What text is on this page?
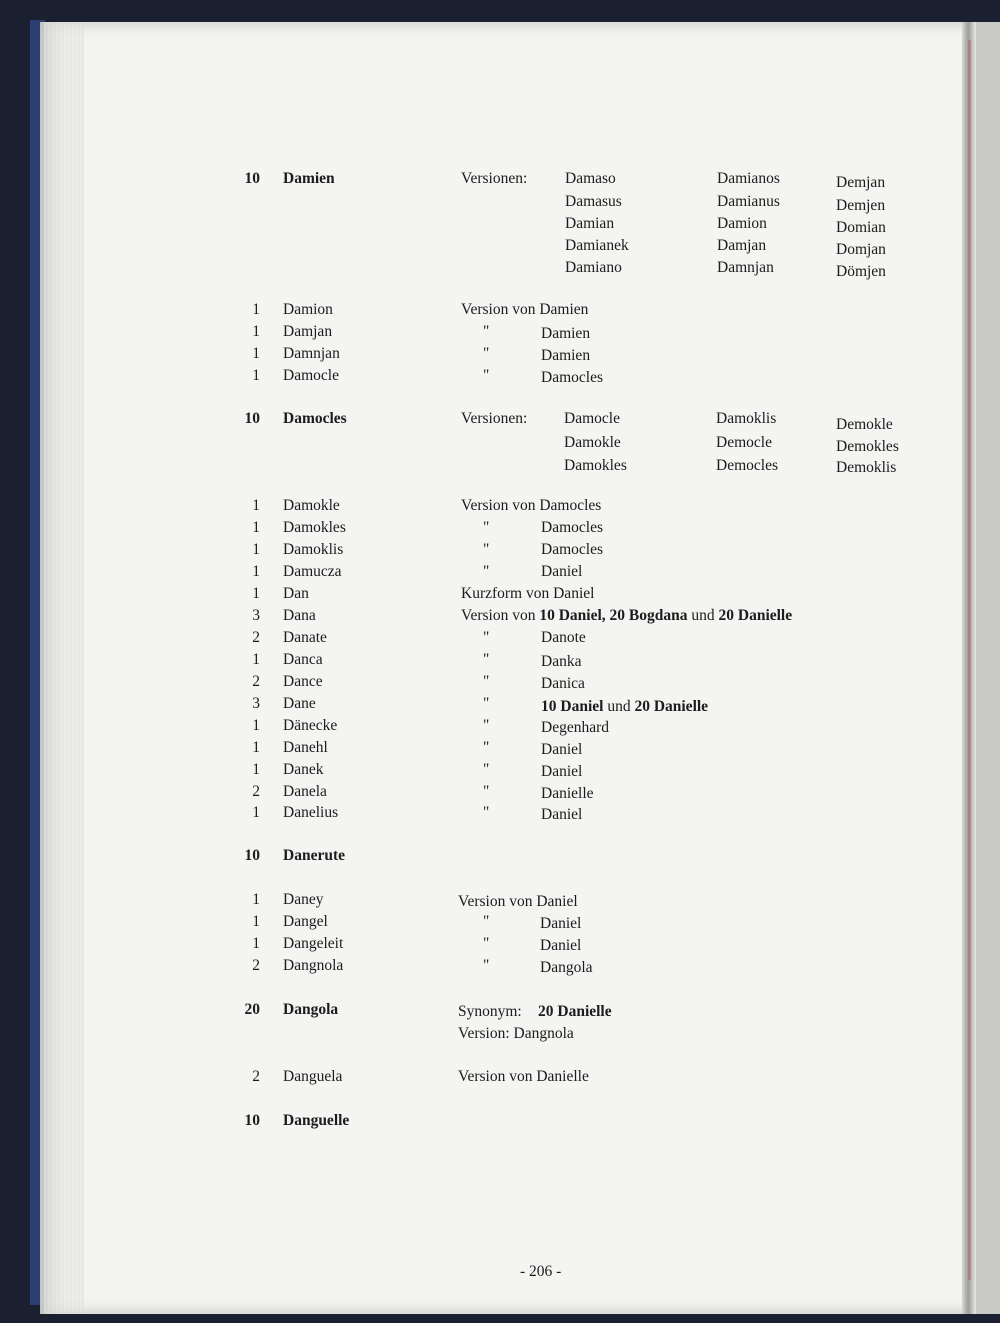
10 Damien	Versionen: Damaso	Damianos	Demjan
Damasus	Damianus	Demjen
Damian	Damion	Domian
Damianek	Damjan	Domjan
Damiano	Damnjan	Dömjen
1 Damion	Version von Damien
1 Damjan	"	Damien
1 Damnjan	"	Damien
1 Damocle	"	Damocles
10 Damocles	Versionen: Damocle	Damoklis	Demokle
Damokle	Democle	Demokles
Damokles	Democles	Demoklis
1 Damokle	Version von Damocles
1 Damokles	"	Damocles
1 Damoklis	"	Damocles
1 Damucza	"	Daniel
1 Dan	Kurzform von Daniel
3 Dana	Version von 10 Daniel, 20 Bogdana und 20 Danielle
2 Danate	"	Danote
1 Danca	"	Danka
2 Dance	"	Danica
3 Dane	"	10 Daniel und 20 Danielle
1 Dänecke	"	Degenhard
1 Danehl	"	Daniel
1 Danek	"	Daniel
2 Danela	"	Danielle
1 Danelius	"	Daniel
10 Danerute
1 Daney	Version von Daniel
1 Dangel	"	Daniel
1 Dangeleit	"	Daniel
2 Dangnola	"	Dangola
20 Dangola	Synonym: 20 Danielle
Version: Dangnola
2 Danguela	Version von Danielle
10 Danguelle
- 206 -
